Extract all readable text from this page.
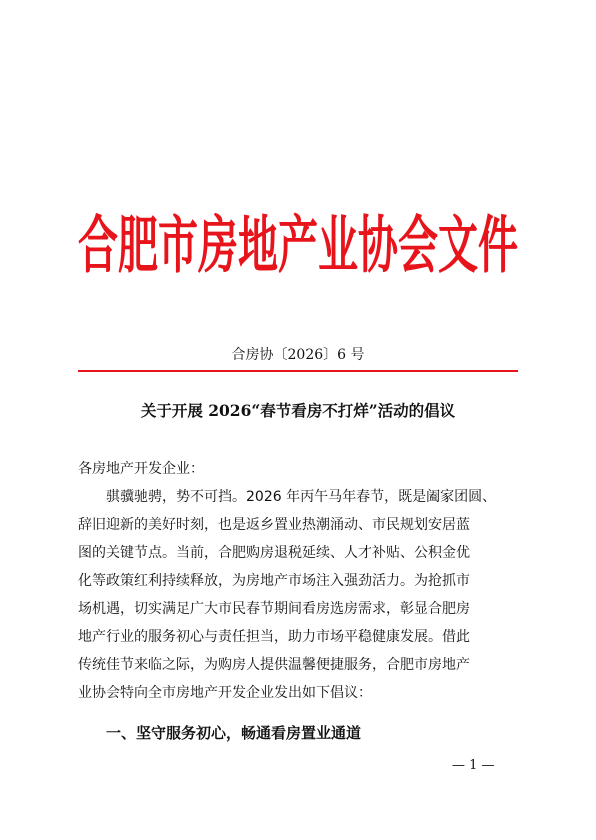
合肥市房地产业协会文件
合房协〔2026〕6 号
关于开展 2026“春节看房不打烊”活动的倡议
各房地产开发企业：
　　骐骥驰骋，势不可挡。2026 年丙午马年春节，既是阖家团圆、
辞旧迎新的美好时刻，也是返乡置业热潮涌动、市民规划安居蓝
图的关键节点。当前，合肥购房退税延续、人才补贴、公积金优
化等政策红利持续释放，为房地产市场注入强劲活力。为抢抓市
场机遇，切实满足广大市民春节期间看房选房需求，彰显合肥房
地产行业的服务初心与责任担当，助力市场平稳健康发展。借此
传统佳节来临之际，为购房人提供温馨便捷服务，合肥市房地产
业协会特向全市房地产开发企业发出如下倡议：
一、坚守服务初心，畅通看房置业通道
— 1 —
